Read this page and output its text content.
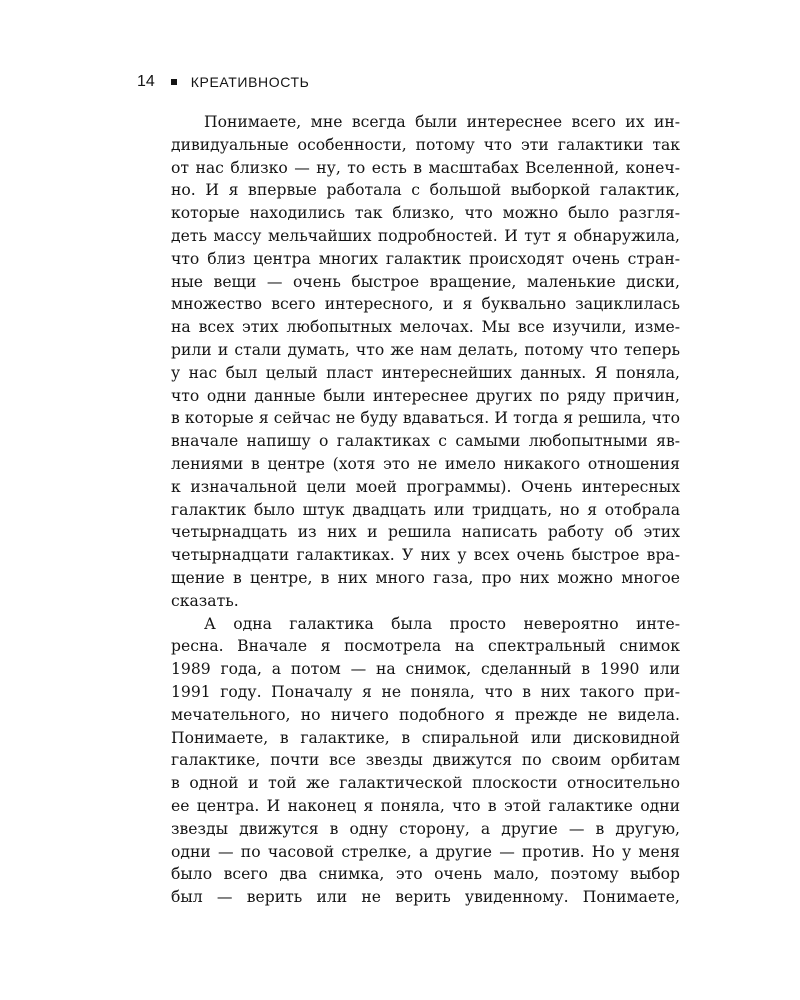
14	КРЕАТИВНОСТЬ
Понимаете, мне всегда были интереснее всего их ин-
дивидуальные особенности, потому что эти галактики так
от нас близко — ну, то есть в масштабах Вселенной, конеч-
но. И я впервые работала с большой выборкой галактик,
которые находились так близко, что можно было разгля-
деть массу мельчайших подробностей. И тут я обнаружила,
что близ центра многих галактик происходят очень стран-
ные вещи — очень быстрое вращение, маленькие диски,
множество всего интересного, и я буквально зациклилась
на всех этих любопытных мелочах. Мы все изучили, изме-
рили и стали думать, что же нам делать, потому что теперь
у нас был целый пласт интереснейших данных. Я поняла,
что одни данные были интереснее других по ряду причин,
в которые я сейчас не буду вдаваться. И тогда я решила, что
вначале напишу о галактиках с самыми любопытными яв-
лениями в центре (хотя это не имело никакого отношения
к изначальной цели моей программы). Очень интересных
галактик было штук двадцать или тридцать, но я отобрала
четырнадцать из них и решила написать работу об этих
четырнадцати галактиках. У них у всех очень быстрое вра-
щение в центре, в них много газа, про них можно многое
сказать.
А одна галактика была просто невероятно инте-
ресна. Вначале я посмотрела на спектральный снимок
1989 года, а потом — на снимок, сделанный в 1990 или
1991 году. Поначалу я не поняла, что в них такого при-
мечательного, но ничего подобного я прежде не видела.
Понимаете, в галактике, в спиральной или дисковидной
галактике, почти все звезды движутся по своим орбитам
в одной и той же галактической плоскости относительно
ее центра. И наконец я поняла, что в этой галактике одни
звезды движутся в одну сторону, а другие — в другую,
одни — по часовой стрелке, а другие — против. Но у меня
было всего два снимка, это очень мало, поэтому выбор
был — верить или не верить увиденному. Понимаете,
